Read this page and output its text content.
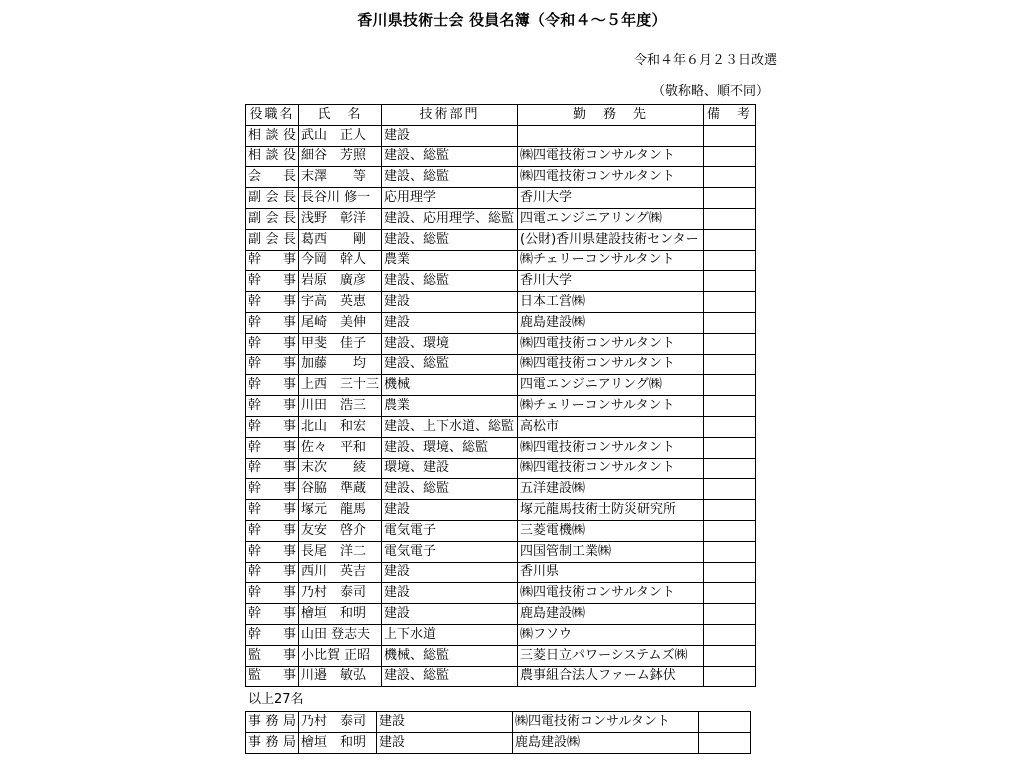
香川県技術士会 役員名簿（令和４～５年度）
令和４年６月２３日改選
（敬称略、順不同）
役職名	氏　名	技術部門	勤　務　先	備　考
相談役	武山　正人	建設		
相談役	細谷　芳照	建設、総監	㈱四電技術コンサルタント	
会長	末澤　　等	建設、総監	㈱四電技術コンサルタント	
副会長	長谷川 修一	応用理学	香川大学	
副会長	浅野　彰洋	建設、応用理学、総監	四電エンジニアリング㈱	
副会長	葛西　　剛	建設、総監	(公財)香川県建設技術センター	
幹事	今岡　幹人	農業	㈱チェリーコンサルタント	
幹事	岩原　廣彦	建設、総監	香川大学	
幹事	宇高　英恵	建設	日本工営㈱	
幹事	尾崎　美伸	建設	鹿島建設㈱	
幹事	甲斐　佳子	建設、環境	㈱四電技術コンサルタント	
幹事	加藤　　均	建設、総監	㈱四電技術コンサルタント	
幹事	上西　三十三	機械	四電エンジニアリング㈱	
幹事	川田　浩三	農業	㈱チェリーコンサルタント	
幹事	北山　和宏	建設、上下水道、総監	高松市	
幹事	佐々　平和	建設、環境、総監	㈱四電技術コンサルタント	
幹事	末次　　綾	環境、建設	㈱四電技術コンサルタント	
幹事	谷脇　準蔵	建設、総監	五洋建設㈱	
幹事	塚元　龍馬	建設	塚元龍馬技術士防災研究所	
幹事	友安　啓介	電気電子	三菱電機㈱	
幹事	長尾　洋二	電気電子	四国管制工業㈱	
幹事	西川　英吉	建設	香川県	
幹事	乃村　泰司	建設	㈱四電技術コンサルタント	
幹事	檜垣　和明	建設	鹿島建設㈱	
幹事	山田 登志夫	上下水道	㈱フソウ	
監事	小比賀 正昭	機械、総監	三菱日立パワーシステムズ㈱	
監事	川邉　敏弘	建設、総監	農事組合法人ファーム鉢伏	
以上27名
事務局	乃村　泰司	建設	㈱四電技術コンサルタント	
事務局	檜垣　和明	建設	鹿島建設㈱	
